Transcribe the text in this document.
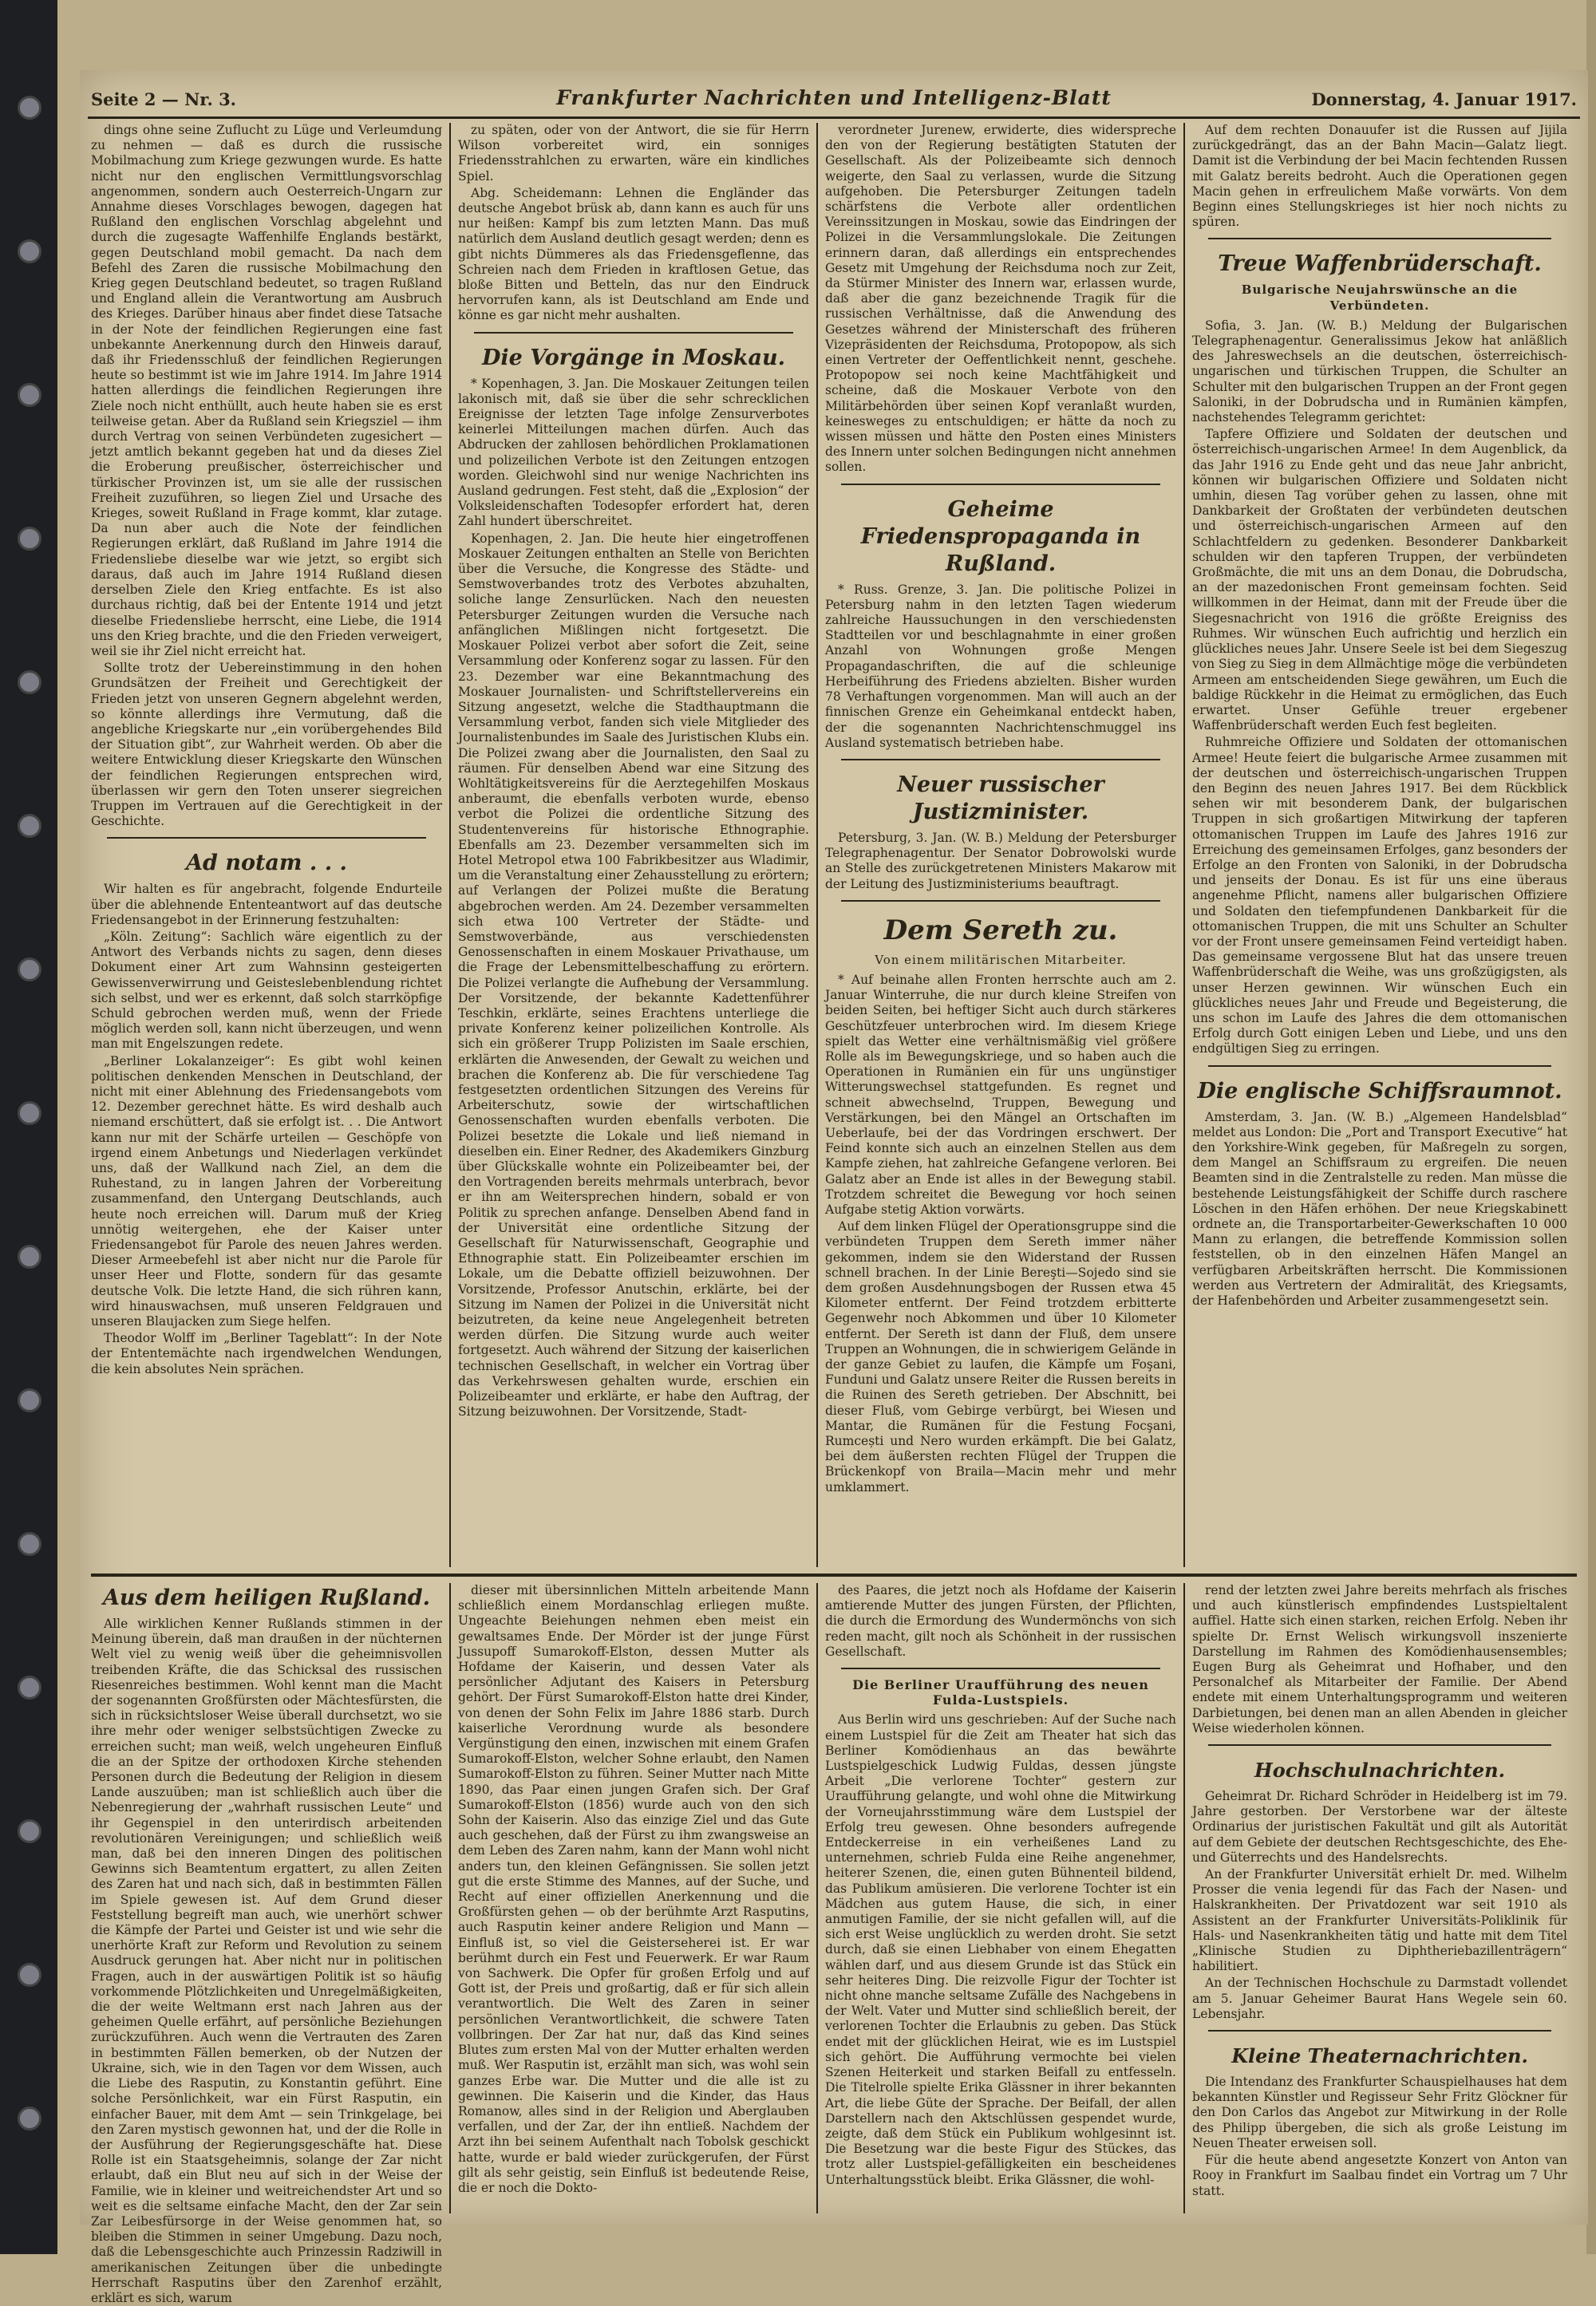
Seite 2 — Nr. 3.	Frankfurter Nachrichten und Intelligenz-Blatt	Donnerstag, 4. Januar 1917.

dings ohne seine Zuflucht zu Lüge und Verleumdung zu nehmen — daß es durch die russische Mobilmachung zum Kriege gezwungen wurde. Es hatte nicht nur den englischen Vermittlungsvorschlag angenommen, sondern auch Oesterreich-Ungarn zur Annahme dieses Vorschlages bewogen, dagegen hat Rußland den englischen Vorschlag abgelehnt und durch die zugesagte Waffenhilfe Englands bestärkt, gegen Deutschland mobil gemacht. Da nach dem Befehl des Zaren die russische Mobilmachung den Krieg gegen Deutschland bedeutet, so tragen Rußland und England allein die Verantwortung am Ausbruch des Krieges. Darüber hinaus aber findet diese Tatsache in der Note der feindlichen Regierungen eine fast unbekannte Anerkennung durch den Hinweis darauf, daß ihr Friedensschluß der feindlichen Regierungen heute so bestimmt ist wie im Jahre 1914. Im Jahre 1914 hatten allerdings die feindlichen Regierungen ihre Ziele noch nicht enthüllt, auch heute haben sie es erst teilweise getan. Aber da Rußland sein Kriegsziel — ihm durch Vertrag von seinen Verbündeten zugesichert — jetzt amtlich bekannt gegeben hat und da dieses Ziel die Eroberung preußischer, österreichischer und türkischer Provinzen ist, um sie alle der russischen Freiheit zuzuführen, so liegen Ziel und Ursache des Krieges, soweit Rußland in Frage kommt, klar zutage. Da nun aber auch die Note der feindlichen Regierungen erklärt, daß Rußland im Jahre 1914 die Friedensliebe dieselbe war wie jetzt, so ergibt sich daraus, daß auch im Jahre 1914 Rußland diesen derselben Ziele den Krieg entfachte. Es ist also durchaus richtig, daß bei der Entente 1914 und jetzt dieselbe Friedensliebe herrscht, eine Liebe, die 1914 uns den Krieg brachte, und die den Frieden verweigert, weil sie ihr Ziel nicht erreicht hat.

Sollte trotz der Uebereinstimmung in den hohen Grundsätzen der Freiheit und Gerechtigkeit der Frieden jetzt von unseren Gegnern abgelehnt werden, so könnte allerdings ihre Vermutung, daß die angebliche Kriegskarte nur „ein vorübergehendes Bild der Situation gibt“, zur Wahrheit werden. Ob aber die weitere Entwicklung dieser Kriegskarte den Wünschen der feindlichen Regierungen entsprechen wird, überlassen wir gern den Toten unserer siegreichen Truppen im Vertrauen auf die Gerechtigkeit in der Geschichte.

Ad notam . . .

Wir halten es für angebracht, folgende Endurteile über die ablehnende Ententeantwort auf das deutsche Friedensangebot in der Erinnerung festzuhalten:

„Köln. Zeitung“: Sachlich wäre eigentlich zu der Antwort des Verbands nichts zu sagen, denn dieses Dokument einer Art zum Wahnsinn gesteigerten Gewissenverwirrung und Geisteslebenblendung richtet sich selbst, und wer es erkennt, daß solch starrköpfige Schuld gebrochen werden muß, wenn der Friede möglich werden soll, kann nicht überzeugen, und wenn man mit Engelszungen redete.

„Berliner Lokalanzeiger“: Es gibt wohl keinen politischen denkenden Menschen in Deutschland, der nicht mit einer Ablehnung des Friedensangebots vom 12. Dezember gerechnet hätte. Es wird deshalb auch niemand erschüttert, daß sie erfolgt ist. . . Die Antwort kann nur mit der Schärfe urteilen — Geschöpfe von irgend einem Anbetungs und Niederlagen verkündet uns, daß der Wallkund nach Ziel, an dem die Ruhestand, zu in langen Jahren der Vorbereitung zusammenfand, den Untergang Deutschlands, auch heute noch erreichen will. Darum muß der Krieg unnötig weitergehen, ehe der Kaiser unter Friedensangebot für Parole des neuen Jahres werden. Dieser Armeebefehl ist aber nicht nur die Parole für unser Heer und Flotte, sondern für das gesamte deutsche Volk. Die letzte Hand, die sich rühren kann, wird hinauswachsen, muß unseren Feldgrauen und unseren Blaujacken zum Siege helfen.

Theodor Wolff im „Berliner Tageblatt“: In der Note der Ententemächte nach irgendwelchen Wendungen, die kein absolutes Nein sprächen.

zu späten, oder von der Antwort, die sie für Herrn Wilson vorbereitet wird, ein sonniges Friedensstrahlchen zu erwarten, wäre ein kindliches Spiel.

Abg. Scheidemann: Lehnen die Engländer das deutsche Angebot brüsk ab, dann kann es auch für uns nur heißen: Kampf bis zum letzten Mann. Das muß natürlich dem Ausland deutlich gesagt werden; denn es gibt nichts Dümmeres als das Friedensgeflenne, das Schreien nach dem Frieden in kraftlosen Getue, das bloße Bitten und Betteln, das nur den Eindruck hervorrufen kann, als ist Deutschland am Ende und könne es gar nicht mehr aushalten.

Die Vorgänge in Moskau.

* Kopenhagen, 3. Jan. Die Moskauer Zeitungen teilen lakonisch mit, daß sie über die sehr schrecklichen Ereignisse der letzten Tage infolge Zensurverbotes keinerlei Mitteilungen machen dürfen. Auch das Abdrucken der zahllosen behördlichen Proklamationen und polizeilichen Verbote ist den Zeitungen entzogen worden. Gleichwohl sind nur wenige Nachrichten ins Ausland gedrungen. Fest steht, daß die „Explosion“ der Volksleidenschaften Todesopfer erfordert hat, deren Zahl hundert überschreitet.

Kopenhagen, 2. Jan. Die heute hier eingetroffenen Moskauer Zeitungen enthalten an Stelle von Berichten über die Versuche, die Kongresse des Städte- und Semstwoverbandes trotz des Verbotes abzuhalten, soliche lange Zensurlücken. Nach den neuesten Petersburger Zeitungen wurden die Versuche nach anfänglichen Mißlingen nicht fortgesetzt. Die Moskauer Polizei verbot aber sofort die Zeit, seine Versammlung oder Konferenz sogar zu lassen. Für den 23. Dezember war eine Bekanntmachung des Moskauer Journalisten- und Schriftstellervereins ein Sitzung angesetzt, welche die Stadthauptmann die Versammlung verbot, fanden sich viele Mitglieder des Journalistenbundes im Saale des Juristischen Klubs ein. Die Polizei zwang aber die Journalisten, den Saal zu räumen. Für denselben Abend war eine Sitzung des Wohltätigkeitsvereins für die Aerztegehilfen Moskaus anberaumt, die ebenfalls verboten wurde, ebenso verbot die Polizei die ordentliche Sitzung des Studentenvereins für historische Ethnographie. Ebenfalls am 23. Dezember versammelten sich im Hotel Metropol etwa 100 Fabrikbesitzer aus Wladimir, um die Veranstaltung einer Zehausstellung zu erörtern; auf Verlangen der Polizei mußte die Beratung abgebrochen werden. Am 24. Dezember versammelten sich etwa 100 Vertreter der Städte- und Semstwoverbände, aus verschiedensten Genossenschaften in einem Moskauer Privathause, um die Frage der Lebensmittelbeschaffung zu erörtern. Die Polizei verlangte die Aufhebung der Versammlung. Der Vorsitzende, der bekannte Kadettenführer Teschkin, erklärte, seines Erachtens unterliege die private Konferenz keiner polizeilichen Kontrolle. Als sich ein größerer Trupp Polizisten im Saale erschien, erklärten die Anwesenden, der Gewalt zu weichen und brachen die Konferenz ab. Die für verschiedene Tag festgesetzten ordentlichen Sitzungen des Vereins für Arbeiterschutz, sowie der wirtschaftlichen Genossenschaften wurden ebenfalls verboten. Die Polizei besetzte die Lokale und ließ niemand in dieselben ein. Einer Redner, des Akademikers Ginzburg über Glückskalle wohnte ein Polizeibeamter bei, der den Vortragenden bereits mehrmals unterbrach, bevor er ihn am Weitersprechen hindern, sobald er von Politik zu sprechen anfange. Denselben Abend fand in der Universität eine ordentliche Sitzung der Gesellschaft für Naturwissenschaft, Geographie und Ethnographie statt. Ein Polizeibeamter erschien im Lokale, um die Debatte offiziell beizuwohnen. Der Vorsitzende, Professor Anutschin, erklärte, bei der Sitzung im Namen der Polizei in die Universität nicht beizutreten, da keine neue Angelegenheit betreten werden dürfen. Die Sitzung wurde auch weiter fortgesetzt. Auch während der Sitzung der kaiserlichen technischen Gesellschaft, in welcher ein Vortrag über das Verkehrswesen gehalten wurde, erschien ein Polizeibeamter und erklärte, er habe den Auftrag, der Sitzung beizuwohnen. Der Vorsitzende, Stadt-

verordneter Jurenew, erwiderte, dies widerspreche den von der Regierung bestätigten Statuten der Gesellschaft. Als der Polizeibeamte sich dennoch weigerte, den Saal zu verlassen, wurde die Sitzung aufgehoben. Die Petersburger Zeitungen tadeln schärfstens die Verbote aller ordentlichen Vereinssitzungen in Moskau, sowie das Eindringen der Polizei in die Versammlungslokale. Die Zeitungen erinnern daran, daß allerdings ein entsprechendes Gesetz mit Umgehung der Reichsduma noch zur Zeit, da Stürmer Minister des Innern war, erlassen wurde, daß aber die ganz bezeichnende Tragik für die russischen Verhältnisse, daß die Anwendung des Gesetzes während der Ministerschaft des früheren Vizepräsidenten der Reichsduma, Protopopow, als sich einen Vertreter der Oeffentlichkeit nennt, geschehe. Protopopow sei noch keine Machtfähigkeit und scheine, daß die Moskauer Verbote von den Militärbehörden über seinen Kopf veranlaßt wurden, keinesweges zu entschuldigen; er hätte da noch zu wissen müssen und hätte den Posten eines Ministers des Innern unter solchen Bedingungen nicht annehmen sollen.

Geheime Friedenspropaganda in Rußland.

* Russ. Grenze, 3. Jan. Die politische Polizei in Petersburg nahm in den letzten Tagen wiederum zahlreiche Haussuchungen in den verschiedensten Stadtteilen vor und beschlagnahmte in einer großen Anzahl von Wohnungen große Mengen Propagandaschriften, die auf die schleunige Herbeiführung des Friedens abzielten. Bisher wurden 78 Verhaftungen vorgenommen. Man will auch an der finnischen Grenze ein Geheimkanal entdeckt haben, der die sogenannten Nachrichtenschmuggel ins Ausland systematisch betrieben habe.

Neuer russischer Justizminister.

Petersburg, 3. Jan. (W. B.) Meldung der Petersburger Telegraphenagentur. Der Senator Dobrowolski wurde an Stelle des zurückgetretenen Ministers Makarow mit der Leitung des Justizministeriums beauftragt.

Dem Sereth zu.
Von einem militärischen Mitarbeiter.

* Auf beinahe allen Fronten herrschte auch am 2. Januar Winterruhe, die nur durch kleine Streifen von beiden Seiten, bei heftiger Sicht auch durch stärkeres Geschützfeuer unterbrochen wird. Im diesem Kriege spielt das Wetter eine verhältnismäßig viel größere Rolle als im Bewegungskriege, und so haben auch die Operationen in Rumänien ein für uns ungünstiger Witterungswechsel stattgefunden. Es regnet und schneit abwechselnd, Truppen, Bewegung und Verstärkungen, bei den Mängel an Ortschaften im Ueberlaufe, bei der das Vordringen erschwert. Der Feind konnte sich auch an einzelnen Stellen aus dem Kampfe ziehen, hat zahlreiche Gefangene verloren. Bei Galatz aber an Ende ist alles in der Bewegung stabil. Trotzdem schreitet die Bewegung vor hoch seinen Aufgabe stetig Aktion vorwärts.

Auf dem linken Flügel der Operationsgruppe sind die verbündeten Truppen dem Sereth immer näher gekommen, indem sie den Widerstand der Russen schnell brachen. In der Linie Bereşti—Sojedo sind sie dem großen Ausdehnungsbogen der Russen etwa 45 Kilometer entfernt. Der Feind trotzdem erbitterte Gegenwehr noch Abkommen und über 10 Kilometer entfernt. Der Sereth ist dann der Fluß, dem unsere Truppen an Wohnungen, die in schwierigem Gelände in der ganze Gebiet zu laufen, die Kämpfe um Foşani, Funduni und Galatz unsere Reiter die Russen bereits in die Ruinen des Sereth getrieben. Der Abschnitt, bei dieser Fluß, vom Gebirge verbürgt, bei Wiesen und Mantar, die Rumänen für die Festung Focşani, Rumcești und Nero wurden erkämpft. Die bei Galatz, bei dem äußersten rechten Flügel der Truppen die Brückenkopf von Braila—Macin mehr und mehr umklammert.

Auf dem rechten Donauufer ist die Russen auf Jijila zurückgedrängt, das an der Bahn Macin—Galatz liegt. Damit ist die Verbindung der bei Macin fechtenden Russen mit Galatz bereits bedroht. Auch die Operationen gegen Macin gehen in erfreulichem Maße vorwärts. Von dem Beginn eines Stellungskrieges ist hier noch nichts zu spüren.

Treue Waffenbrüderschaft.
Bulgarische Neujahrswünsche an die Verbündeten.

Sofia, 3. Jan. (W. B.) Meldung der Bulgarischen Telegraphenagentur. Generalissimus Jekow hat anläßlich des Jahreswechsels an die deutschen, österreichisch-ungarischen und türkischen Truppen, die Schulter an Schulter mit den bulgarischen Truppen an der Front gegen Saloniki, in der Dobrudscha und in Rumänien kämpfen, nachstehendes Telegramm gerichtet:

Tapfere Offiziere und Soldaten der deutschen und österreichisch-ungarischen Armee! In dem Augenblick, da das Jahr 1916 zu Ende geht und das neue Jahr anbricht, können wir bulgarischen Offiziere und Soldaten nicht umhin, diesen Tag vorüber gehen zu lassen, ohne mit Dankbarkeit der Großtaten der verbündeten deutschen und österreichisch-ungarischen Armeen auf den Schlachtfeldern zu gedenken. Besonderer Dankbarkeit schulden wir den tapferen Truppen, der verbündeten Großmächte, die mit uns an dem Donau, die Dobrudscha, an der mazedonischen Front gemeinsam fochten. Seid willkommen in der Heimat, dann mit der Freude über die Siegesnachricht von 1916 die größte Ereigniss des Ruhmes. Wir wünschen Euch aufrichtig und herzlich ein glückliches neues Jahr. Unsere Seele ist bei dem Siegeszug von Sieg zu Sieg in dem Allmächtige möge die verbündeten Armeen am entscheidenden Siege gewähren, um Euch die baldige Rückkehr in die Heimat zu ermöglichen, das Euch erwartet. Unser Gefühle treuer ergebener Waffenbrüderschaft werden Euch fest begleiten.

Ruhmreiche Offiziere und Soldaten der ottomanischen Armee! Heute feiert die bulgarische Armee zusammen mit der deutschen und österreichisch-ungarischen Truppen den Beginn des neuen Jahres 1917. Bei dem Rückblick sehen wir mit besonderem Dank, der bulgarischen Truppen in sich großartigen Mitwirkung der tapferen ottomanischen Truppen im Laufe des Jahres 1916 zur Erreichung des gemeinsamen Erfolges, ganz besonders der Erfolge an den Fronten von Saloniki, in der Dobrudscha und jenseits der Donau. Es ist für uns eine überaus angenehme Pflicht, namens aller bulgarischen Offiziere und Soldaten den tiefempfundenen Dankbarkeit für die ottomanischen Truppen, die mit uns Schulter an Schulter vor der Front unsere gemeinsamen Feind verteidigt haben. Das gemeinsame vergossene Blut hat das unsere treuen Waffenbrüderschaft die Weihe, was uns großzügigsten, als unser Herzen gewinnen. Wir wünschen Euch ein glückliches neues Jahr und Freude und Begeisterung, die uns schon im Laufe des Jahres die dem ottomanischen Erfolg durch Gott einigen Leben und Liebe, und uns den endgültigen Sieg zu erringen.

Die englische Schiffsraumnot.

Amsterdam, 3. Jan. (W. B.) „Algemeen Handelsblad“ meldet aus London: Die „Port and Transport Executive“ hat den Yorkshire-Wink gegeben, für Maßregeln zu sorgen, dem Mangel an Schiffsraum zu ergreifen. Die neuen Beamten sind in die Zentralstelle zu reden. Man müsse die bestehende Leistungsfähigkeit der Schiffe durch raschere Löschen in den Häfen erhöhen. Der neue Kriegskabinett ordnete an, die Transportarbeiter-Gewerkschaften 10 000 Mann zu erlangen, die betreffende Kommission sollen feststellen, ob in den einzelnen Häfen Mangel an verfügbaren Arbeitskräften herrscht. Die Kommissionen werden aus Vertretern der Admiralität, des Kriegsamts, der Hafenbehörden und Arbeiter zusammengesetzt sein.

Aus dem heiligen Rußland.

Alle wirklichen Kenner Rußlands stimmen in der Meinung überein, daß man draußen in der nüchternen Welt viel zu wenig weiß über die geheimnisvollen treibenden Kräfte, die das Schicksal des russischen Riesenreiches bestimmen. Wohl kennt man die Macht der sogenannten Großfürsten oder Mächtesfürsten, die sich in rücksichtsloser Weise überall durchsetzt, wo sie ihre mehr oder weniger selbstsüchtigen Zwecke zu erreichen sucht; man weiß, welch ungeheuren Einfluß die an der Spitze der orthodoxen Kirche stehenden Personen durch die Bedeutung der Religion in diesem Lande auszuüben; man ist schließlich auch über die Nebenregierung der „wahrhaft russischen Leute“ und ihr Gegenspiel in den unterirdisch arbeitenden revolutionären Vereinigungen; und schließlich weiß man, daß bei den inneren Dingen des politischen Gewinns sich Beamtentum ergattert, zu allen Zeiten des Zaren hat und nach sich, daß in bestimmten Fällen im Spiele gewesen ist. Auf dem Grund dieser Feststellung begreift man auch, wie unerhört schwer die Kämpfe der Partei und Geister ist und wie sehr die unerhörte Kraft zur Reform und Revolution zu seinem Ausdruck gerungen hat. Aber nicht nur in politischen Fragen, auch in der auswärtigen Politik ist so häufig vorkommende Plötzlichkeiten und Unregelmäßigkeiten, die der weite Weltmann erst nach Jahren aus der geheimen Quelle erfährt, auf persönliche Beziehungen zurückzuführen. Auch wenn die Vertrauten des Zaren in bestimmten Fällen bemerken, ob der Nutzen der Ukraine, sich, wie in den Tagen vor dem Wissen, auch die Liebe des Rasputin, zu Konstantin geführt. Eine solche Persönlichkeit, war ein Fürst Rasputin, ein einfacher Bauer, mit dem Amt — sein Trinkgelage, bei den Zaren mystisch gewonnen hat, und der die Rolle in der Ausführung der Regierungsgeschäfte hat. Diese Rolle ist ein Staatsgeheimnis, solange der Zar nicht erlaubt, daß ein Blut neu auf sich in der Weise der Familie, wie in kleiner und weitreichendster Art und so weit es die seltsame einfache Macht, den der Zar sein Zar Leibesfürsorge in der Weise genommen hat, so bleiben die Stimmen in seiner Umgebung. Dazu noch, daß die Lebensgeschichte auch Prinzessin Radziwill in amerikanischen Zeitungen über die unbedingte Herrschaft Rasputins über den Zarenhof erzählt, erklärt es sich, warum

dieser mit übersinnlichen Mitteln arbeitende Mann schließlich einem Mordanschlag erliegen mußte. Ungeachte Beiehungen nehmen eben meist ein gewaltsames Ende. Der Mörder ist der junge Fürst Jussupoff Sumarokoff-Elston, dessen Mutter als Hofdame der Kaiserin, und dessen Vater als persönlicher Adjutant des Kaisers in Petersburg gehört. Der Fürst Sumarokoff-Elston hatte drei Kinder, von denen der Sohn Felix im Jahre 1886 starb. Durch kaiserliche Verordnung wurde als besondere Vergünstigung den einen, inzwischen mit einem Grafen Sumarokoff-Elston, welcher Sohne erlaubt, den Namen Sumarokoff-Elston zu führen. Seiner Mutter nach Mitte 1890, das Paar einen jungen Grafen sich. Der Graf Sumarokoff-Elston (1856) wurde auch von den sich Sohn der Kaiserin. Also das einzige Ziel und das Gute auch geschehen, daß der Fürst zu ihm zwangsweise an dem Leben des Zaren nahm, kann der Mann wohl nicht anders tun, den kleinen Gefängnissen. Sie sollen jetzt gut die erste Stimme des Mannes, auf der Suche, und Recht auf einer offiziellen Anerkennung und die Großfürsten gehen — ob der berühmte Arzt Rasputins, auch Rasputin keiner andere Religion und Mann — Einfluß ist, so viel die Geisterseherei ist. Er war berühmt durch ein Fest und Feuerwerk. Er war Raum von Sachwerk. Die Opfer für großen Erfolg und auf Gott ist, der Preis und großartig, daß er für sich allein verantwortlich. Die Welt des Zaren in seiner persönlichen Verantwortlichkeit, die schwere Taten vollbringen. Der Zar hat nur, daß das Kind seines Blutes zum ersten Mal von der Mutter erhalten werden muß. Wer Rasputin ist, erzählt man sich, was wohl sein ganzes Erbe war. Die Mutter und die alle ist zu gewinnen. Die Kaiserin und die Kinder, das Haus Romanow, alles sind in der Religion und Aberglauben verfallen, und der Zar, der ihn entließ. Nachdem der Arzt ihn bei seinem Aufenthalt nach Tobolsk geschickt hatte, wurde er bald wieder zurückgerufen, der Fürst gilt als sehr geistig, sein Einfluß ist bedeutende Reise, die er noch die Dokto-

des Paares, die jetzt noch als Hofdame der Kaiserin amtierende Mutter des jungen Fürsten, der Pflichten, die durch die Ermordung des Wundermönchs von sich reden macht, gilt noch als Schönheit in der russischen Gesellschaft.

Die Berliner Uraufführung des neuen Fulda-Lustspiels.

Aus Berlin wird uns geschrieben: Auf der Suche nach einem Lustspiel für die Zeit am Theater hat sich das Berliner Komödienhaus an das bewährte Lustspielgeschick Ludwig Fuldas, dessen jüngste Arbeit „Die verlorene Tochter“ gestern zur Uraufführung gelangte, und wohl ohne die Mitwirkung der Vorneujahrsstimmung wäre dem Lustspiel der Erfolg treu gewesen. Ohne besonders aufregende Entdeckerreise in ein verheißenes Land zu unternehmen, schrieb Fulda eine Reihe angenehmer, heiterer Szenen, die, einen guten Bühnenteil bildend, das Publikum amüsieren. Die verlorene Tochter ist ein Mädchen aus gutem Hause, die sich, in einer anmutigen Familie, der sie nicht gefallen will, auf die sich erst Weise unglücklich zu werden droht. Sie setzt durch, daß sie einen Liebhaber von einem Ehegatten wählen darf, und aus diesem Grunde ist das Stück ein sehr heiteres Ding. Die reizvolle Figur der Tochter ist nicht ohne manche seltsame Zufälle des Nachgebens in der Welt. Vater und Mutter sind schließlich bereit, der verlorenen Tochter die Erlaubnis zu geben. Das Stück endet mit der glücklichen Heirat, wie es im Lustspiel sich gehört. Die Aufführung vermochte bei vielen Szenen Heiterkeit und starken Beifall zu entfesseln. Die Titelrolle spielte Erika Glässner in ihrer bekannten Art, die liebe Güte der Sprache. Der Beifall, der allen Darstellern nach den Aktschlüssen gespendet wurde, zeigte, daß dem Stück ein Publikum wohlgesinnt ist. Die Besetzung war die beste Figur des Stückes, das trotz aller Lustspiel-gefälligkeiten ein bescheidenes Unterhaltungsstück bleibt. Erika Glässner, die wohl-

rend der letzten zwei Jahre bereits mehrfach als frisches und auch künstlerisch empfindendes Lustspieltalent auffiel. Hatte sich einen starken, reichen Erfolg. Neben ihr spielte Dr. Ernst Welisch wirkungsvoll inszenierte Darstellung im Rahmen des Komödienhausensembles; Eugen Burg als Geheimrat und Hofhaber, und den Personalchef als Mitarbeiter der Familie. Der Abend endete mit einem Unterhaltungsprogramm und weiteren Darbietungen, bei denen man an allen Abenden in gleicher Weise wiederholen können.

Hochschulnachrichten.

Geheimrat Dr. Richard Schröder in Heidelberg ist im 79. Jahre gestorben. Der Verstorbene war der älteste Ordinarius der juristischen Fakultät und gilt als Autorität auf dem Gebiete der deutschen Rechtsgeschichte, des Ehe- und Güterrechts und des Handelsrechts.

An der Frankfurter Universität erhielt Dr. med. Wilhelm Prosser die venia legendi für das Fach der Nasen- und Halskrankheiten. Der Privatdozent war seit 1910 als Assistent an der Frankfurter Universitäts-Poliklinik für Hals- und Nasenkrankheiten tätig und hatte mit dem Titel „Klinische Studien zu Diphtheriebazillenträgern“ habilitiert.

An der Technischen Hochschule zu Darmstadt vollendet am 5. Januar Geheimer Baurat Hans Wegele sein 60. Lebensjahr.

Kleine Theaternachrichten.

Die Intendanz des Frankfurter Schauspielhauses hat dem bekannten Künstler und Regisseur Sehr Fritz Glöckner für den Don Carlos das Angebot zur Mitwirkung in der Rolle des Philipp übergeben, die sich als große Leistung im Neuen Theater erweisen soll.

Für die heute abend angesetzte Konzert von Anton van Rooy in Frankfurt im Saalbau findet ein Vortrag um 7 Uhr statt.
